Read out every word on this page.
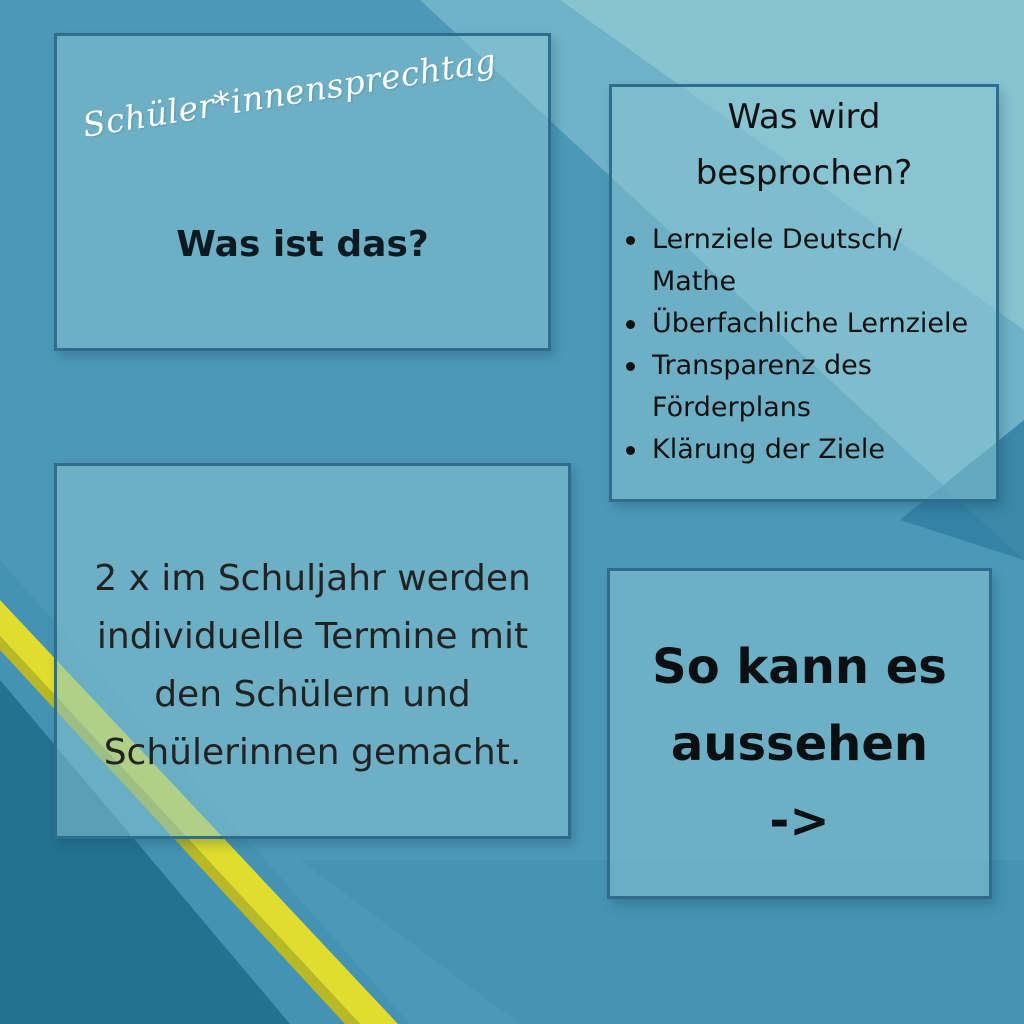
Schüler*innensprechtag
Was ist das?
Was wird
besprochen?
Lernziele Deutsch/
Mathe
Überfachliche Lernziele
Transparenz des
Förderplans
Klärung der Ziele
2 x im Schuljahr werden
individuelle Termine mit
den Schülern und
Schülerinnen gemacht.
So kann es
aussehen
->
